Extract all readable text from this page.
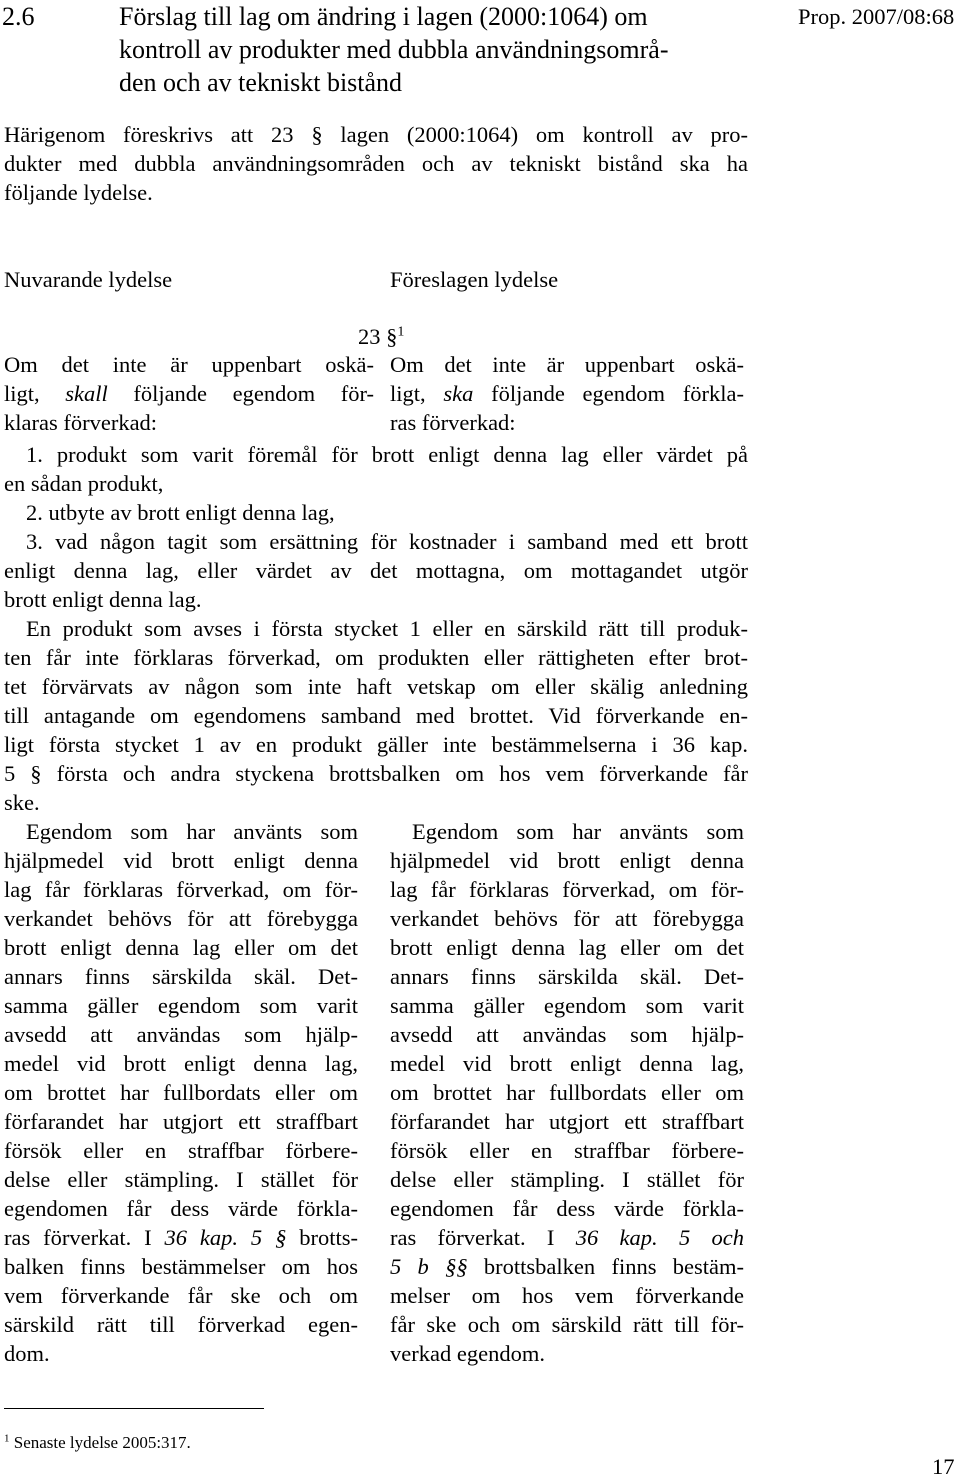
2.6	Förslag till lag om ändring i lagen (2000:1064) om
kontroll av produkter med dubbla användningsområ-
den och av tekniskt bistånd
Prop. 2007/08:68
Härigenom föreskrivs att 23 § lagen (2000:1064) om kontroll av pro-
dukter med dubbla användningsområden och av tekniskt bistånd ska ha
följande lydelse.
Nuvarande lydelse	Föreslagen lydelse
23 §$^1$
Om det inte är uppenbart oskä-
ligt, skall följande egendom för-
klaras förverkad:
Om det inte är uppenbart oskä-
ligt, ska följande egendom förkla-
ras förverkad:
1. produkt som varit föremål för brott enligt denna lag eller värdet på
en sådan produkt,
2. utbyte av brott enligt denna lag,
3. vad någon tagit som ersättning för kostnader i samband med ett brott
enligt denna lag, eller värdet av det mottagna, om mottagandet utgör
brott enligt denna lag.
En produkt som avses i första stycket 1 eller en särskild rätt till produk-
ten får inte förklaras förverkad, om produkten eller rättigheten efter brot-
tet förvärvats av någon som inte haft vetskap om eller skälig anledning
till antagande om egendomens samband med brottet. Vid förverkande en-
ligt första stycket 1 av en produkt gäller inte bestämmelserna i 36 kap.
5 § första och andra styckena brottsbalken om hos vem förverkande får
ske.
Egendom som har använts som
hjälpmedel vid brott enligt denna
lag får förklaras förverkad, om för-
verkandet behövs för att förebygga
brott enligt denna lag eller om det
annars finns särskilda skäl. Det-
samma gäller egendom som varit
avsedd att användas som hjälp-
medel vid brott enligt denna lag,
om brottet har fullbordats eller om
förfarandet har utgjort ett straffbart
försök eller en straffbar förbere-
delse eller stämpling. I stället för
egendomen får dess värde förkla-
ras förverkat. I 36 kap. 5 § brotts-
balken finns bestämmelser om hos
vem förverkande får ske och om
särskild rätt till förverkad egen-
dom.
Egendom som har använts som
hjälpmedel vid brott enligt denna
lag får förklaras förverkad, om för-
verkandet behövs för att förebygga
brott enligt denna lag eller om det
annars finns särskilda skäl. Det-
samma gäller egendom som varit
avsedd att användas som hjälp-
medel vid brott enligt denna lag,
om brottet har fullbordats eller om
förfarandet har utgjort ett straffbart
försök eller en straffbar förbere-
delse eller stämpling. I stället för
egendomen får dess värde förkla-
ras förverkat. I 36 kap. 5 och
5 b §§ brottsbalken finns bestäm-
melser om hos vem förverkande
får ske och om särskild rätt till för-
verkad egendom.
$^1$ Senaste lydelse 2005:317.
17
